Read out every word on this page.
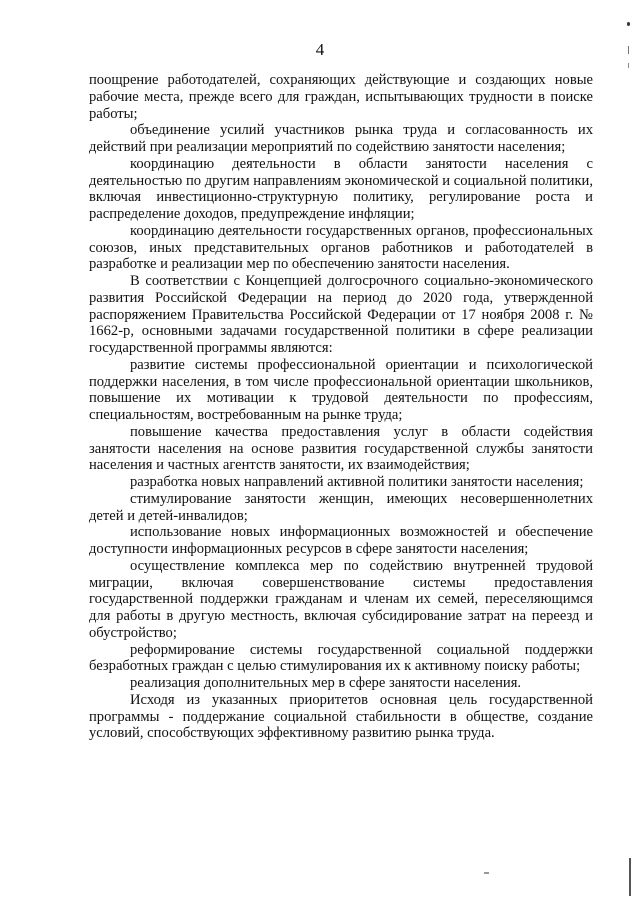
4

поощрение работодателей, сохраняющих действующие и создающих новые рабочие места, прежде всего для граждан, испытывающих трудности в поиске работы;

объединение усилий участников рынка труда и согласованность их действий при реализации мероприятий по содействию занятости населения;

координацию деятельности в области занятости населения с деятельностью по другим направлениям экономической и социальной политики, включая инвестиционно-структурную политику, регулирование роста и распределение доходов, предупреждение инфляции;

координацию деятельности государственных органов, профессиональных союзов, иных представительных органов работников и работодателей в разработке и реализации мер по обеспечению занятости населения.

В соответствии с Концепцией долгосрочного социально-экономического развития Российской Федерации на период до 2020 года, утвержденной распоряжением Правительства Российской Федерации от 17 ноября 2008 г. № 1662-р, основными задачами государственной политики в сфере реализации государственной программы являются:

развитие системы профессиональной ориентации и психологической поддержки населения, в том числе профессиональной ориентации школьников, повышение их мотивации к трудовой деятельности по профессиям, специальностям, востребованным на рынке труда;

повышение качества предоставления услуг в области содействия занятости населения на основе развития государственной службы занятости населения и частных агентств занятости, их взаимодействия;

разработка новых направлений активной политики занятости населения;

стимулирование занятости женщин, имеющих несовершеннолетних детей и детей-инвалидов;

использование новых информационных возможностей и обеспечение доступности информационных ресурсов в сфере занятости населения;

осуществление комплекса мер по содействию внутренней трудовой миграции, включая совершенствование системы предоставления государственной поддержки гражданам и членам их семей, переселяющимся для работы в другую местность, включая субсидирование затрат на переезд и обустройство;

реформирование системы государственной социальной поддержки безработных граждан с целью стимулирования их к активному поиску работы;

реализация дополнительных мер в сфере занятости населения.

Исходя из указанных приоритетов основная цель государственной программы - поддержание социальной стабильности в обществе, создание условий, способствующих эффективному развитию рынка труда.
